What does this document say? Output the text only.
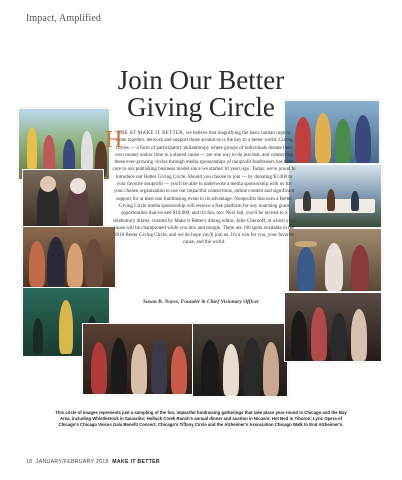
Impact, Amplified
Join Our Better
Giving Circle
H
ERE AT MAKE IT BETTER, we believe that magnifying the basic human urge to come together, network and support those around us is the key to a better world. Giving circles — a form of participatory philanthropy where groups of individuals donate their own money and/or time to a shared cause — are one way to do just that, and connecting these ever-growing circles through media sponsorships of nonprofit fundraisers has been core to our publishing business model since we started 10 years ago. Today, we're proud to introduce our Better Giving Circle. Should you choose to join — by donating $1,000 to your favorite nonprofit — you'll be able to underwrite a media sponsorship with us for your chosen organization to use our impactful connections, online content and significant support for at least one fundraising event to its advantage. Nonprofits that earn a Better Giving Circle media sponsorship will receive a free platform for any matching grant opportunities that exceed $10,000, and it's fun, too: Next fall, you'll be invited to a celebratory dinner, curated by Make It Better's dining editor, Julie Chernoff, at which your cause will be championed while you mix and mingle. There are 100 spots available in the 2018 Better Giving Circle, and we do hope you'll join us. It's a win for you, your favorite cause, and the world.
Susan B. Noyes, Founder & Chief Visionary Officer
This circle of images represents just a sampling of the fun, impactful fundraising gatherings that take place year-round in Chicago and the Bay Area, including Whistlestock in Sausalito; Hollock Creek Ranch's annual dinner and auction in Nicasio; Hot Bed in Tiburon; Lyric Opera of Chicago's Chicago Voices Gala Benefit Concert; Chicago's Tiffany Circle and the Alzheimer's Association Chicago Walk to End Alzheimer's.
18 JANUARY/FEBRUARY 2018 MAKE IT BETTER
